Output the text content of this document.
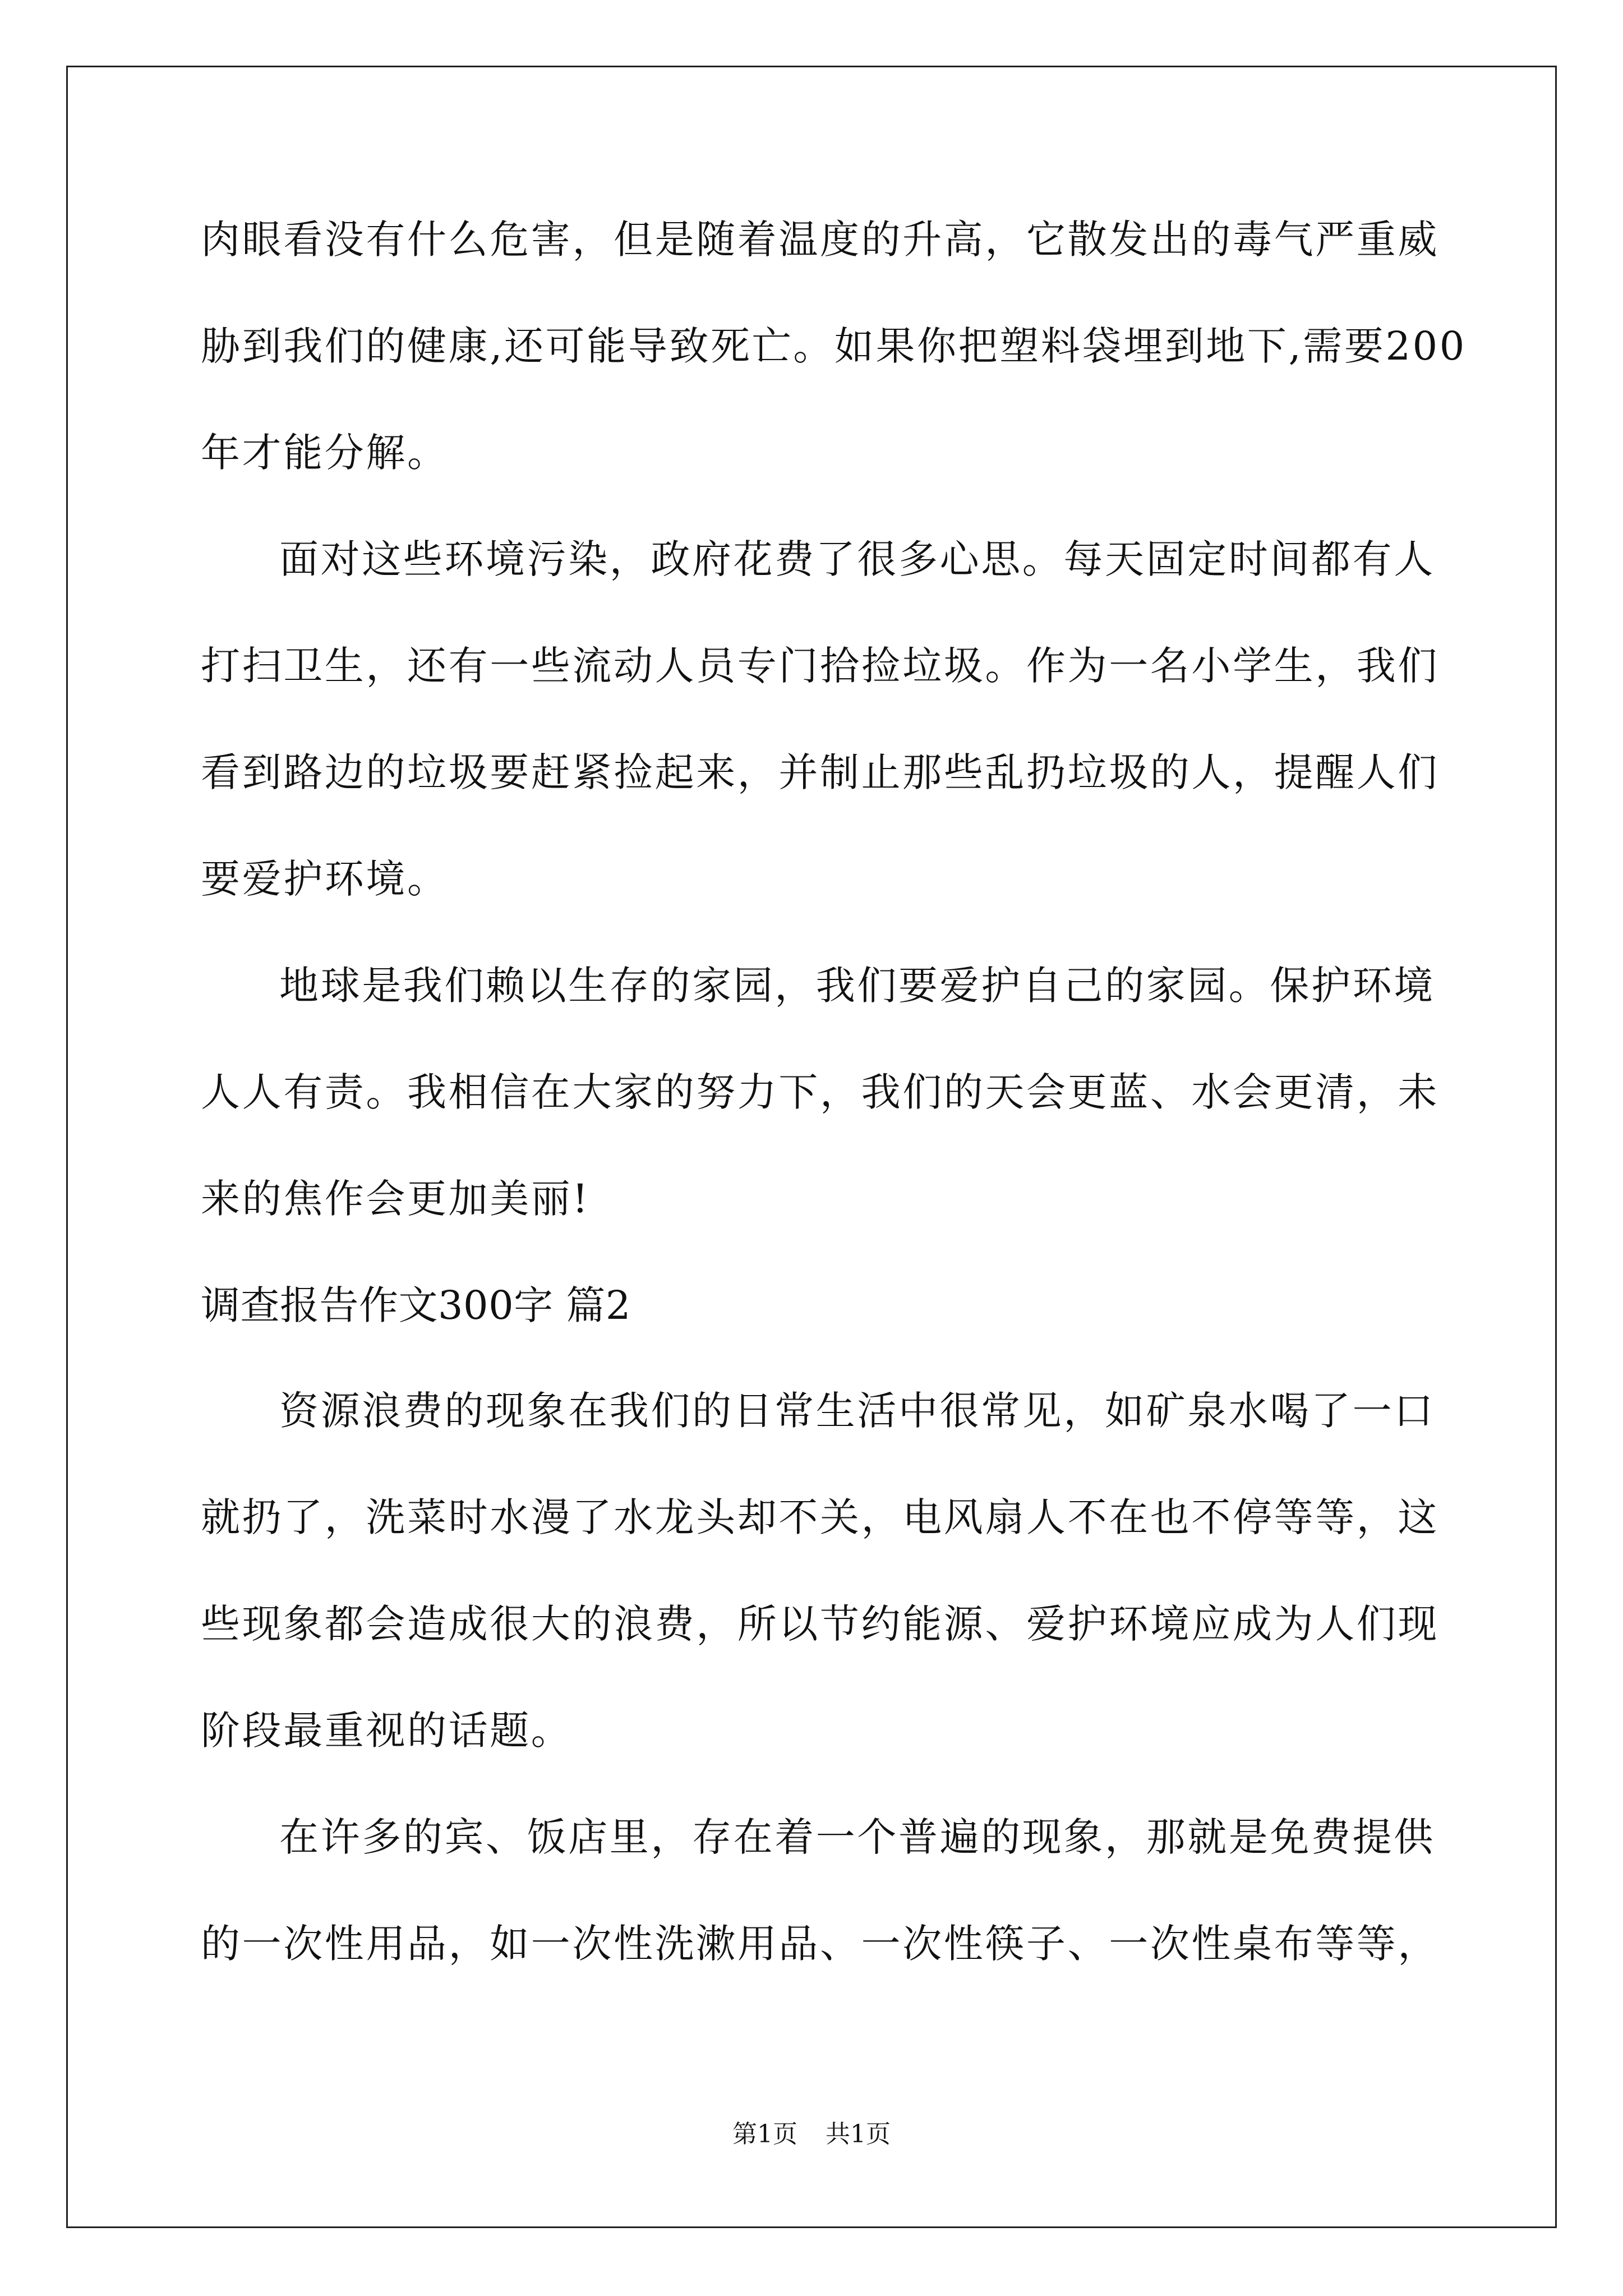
肉眼看没有什么危害，但是随着温度的升高，它散发出的毒气严重威
胁到我们的健康,还可能导致死亡。如果你把塑料袋埋到地下,需要200
年才能分解。
面对这些环境污染，政府花费了很多心思。每天固定时间都有人
打扫卫生，还有一些流动人员专门拾捡垃圾。作为一名小学生，我们
看到路边的垃圾要赶紧捡起来，并制止那些乱扔垃圾的人，提醒人们
要爱护环境。
地球是我们赖以生存的家园，我们要爱护自己的家园。保护环境
人人有责。我相信在大家的努力下，我们的天会更蓝、水会更清，未
来的焦作会更加美丽!
调查报告作文300字 篇2
资源浪费的现象在我们的日常生活中很常见，如矿泉水喝了一口
就扔了，洗菜时水漫了水龙头却不关，电风扇人不在也不停等等，这
些现象都会造成很大的浪费，所以节约能源、爱护环境应成为人们现
阶段最重视的话题。
在许多的宾、饭店里，存在着一个普遍的现象，那就是免费提供
的一次性用品，如一次性洗漱用品、一次性筷子、一次性桌布等等，
第1页 共1页
